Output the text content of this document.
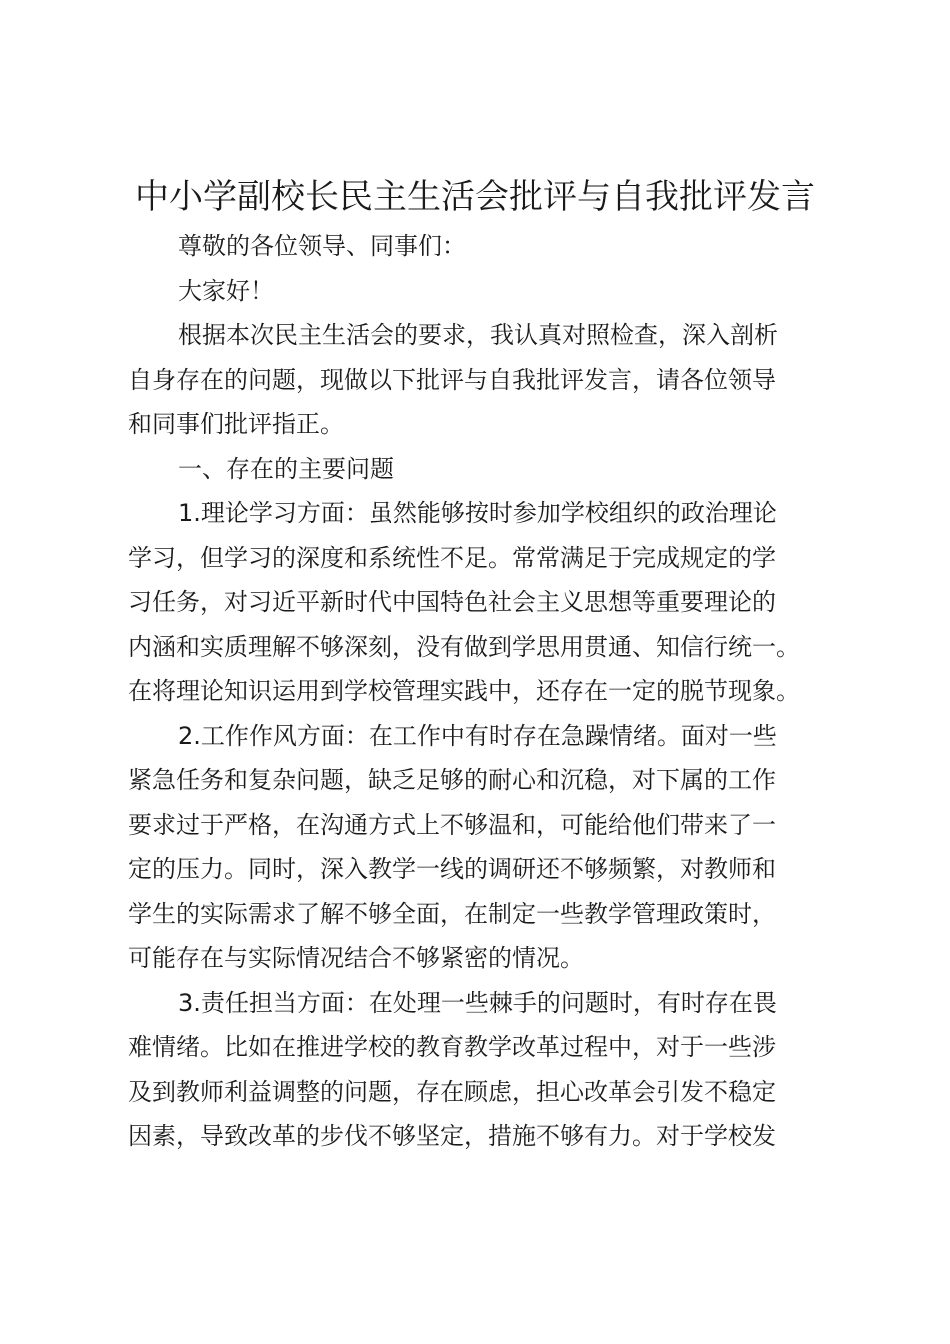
中小学副校长民主生活会批评与自我批评发言
尊敬的各位领导、同事们：
大家好！
根据本次民主生活会的要求，我认真对照检查，深入剖析
自身存在的问题，现做以下批评与自我批评发言，请各位领导
和同事们批评指正。
一、存在的主要问题
1.理论学习方面：虽然能够按时参加学校组织的政治理论
学习，但学习的深度和系统性不足。常常满足于完成规定的学
习任务，对习近平新时代中国特色社会主义思想等重要理论的
内涵和实质理解不够深刻，没有做到学思用贯通、知信行统一。
在将理论知识运用到学校管理实践中，还存在一定的脱节现象。
2.工作作风方面：在工作中有时存在急躁情绪。面对一些
紧急任务和复杂问题，缺乏足够的耐心和沉稳，对下属的工作
要求过于严格，在沟通方式上不够温和，可能给他们带来了一
定的压力。同时，深入教学一线的调研还不够频繁，对教师和
学生的实际需求了解不够全面，在制定一些教学管理政策时，
可能存在与实际情况结合不够紧密的情况。
3.责任担当方面：在处理一些棘手的问题时，有时存在畏
难情绪。比如在推进学校的教育教学改革过程中，对于一些涉
及到教师利益调整的问题，存在顾虑，担心改革会引发不稳定
因素，导致改革的步伐不够坚定，措施不够有力。对于学校发
